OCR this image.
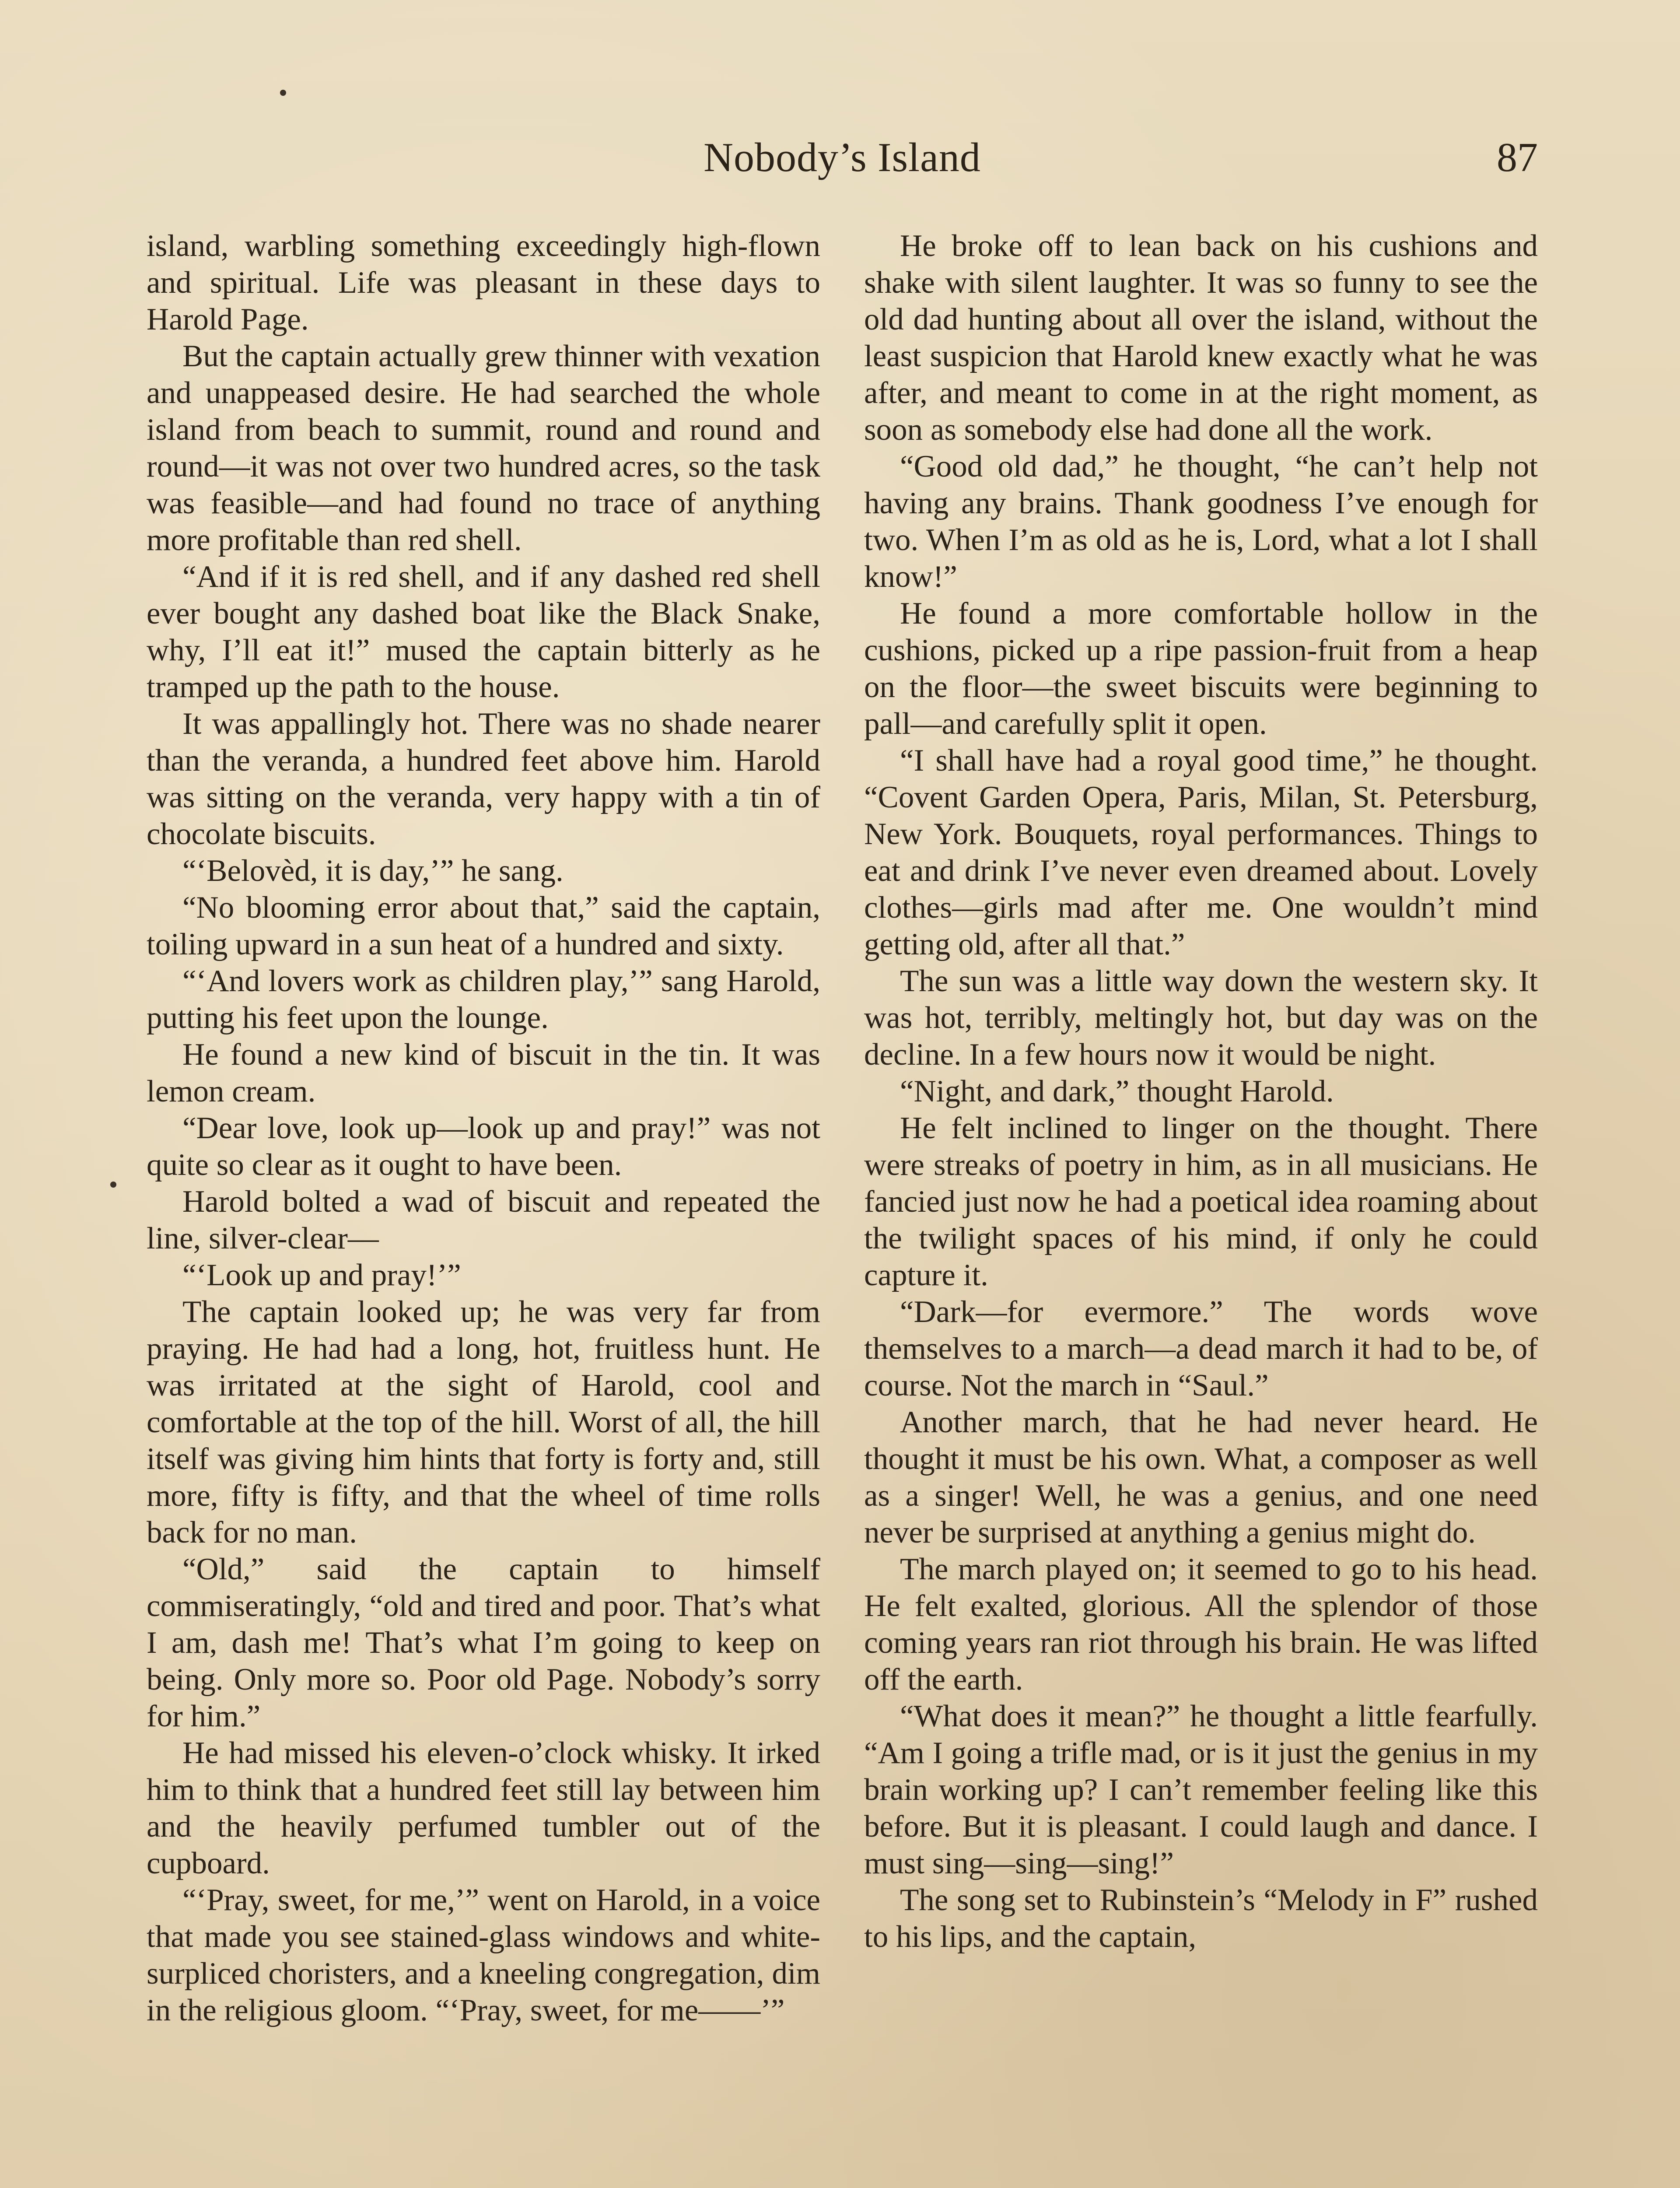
Nobody’s Island	87

island, warbling something exceedingly high-flown and spiritual. Life was pleasant in these days to Harold Page.

But the captain actually grew thinner with vexation and unappeased desire. He had searched the whole island from beach to summit, round and round and round—it was not over two hundred acres, so the task was feasible—and had found no trace of anything more profitable than red shell.

“And if it is red shell, and if any dashed red shell ever bought any dashed boat like the Black Snake, why, I’ll eat it!” mused the captain bitterly as he tramped up the path to the house.

It was appallingly hot. There was no shade nearer than the veranda, a hundred feet above him. Harold was sitting on the veranda, very happy with a tin of chocolate biscuits.

“‘Belovèd, it is day,’” he sang.

“No blooming error about that,” said the captain, toiling upward in a sun heat of a hundred and sixty.

“‘And lovers work as children play,’” sang Harold, putting his feet upon the lounge.

He found a new kind of biscuit in the tin. It was lemon cream.

“Dear love, look up—look up and pray!” was not quite so clear as it ought to have been.

Harold bolted a wad of biscuit and repeated the line, silver-clear—

“‘Look up and pray!’”

The captain looked up; he was very far from praying. He had had a long, hot, fruitless hunt. He was irritated at the sight of Harold, cool and comfortable at the top of the hill. Worst of all, the hill itself was giving him hints that forty is forty and, still more, fifty is fifty, and that the wheel of time rolls back for no man.

“Old,” said the captain to himself commiseratingly, “old and tired and poor. That’s what I am, dash me! That’s what I’m going to keep on being. Only more so. Poor old Page. Nobody’s sorry for him.”

He had missed his eleven-o’clock whisky. It irked him to think that a hundred feet still lay between him and the heavily perfumed tumbler out of the cupboard.

“‘Pray, sweet, for me,’” went on Harold, in a voice that made you see stained-glass windows and white-surpliced choristers, and a kneeling congregation, dim in the religious gloom. “‘Pray, sweet, for me——’”

He broke off to lean back on his cushions and shake with silent laughter. It was so funny to see the old dad hunting about all over the island, without the least suspicion that Harold knew exactly what he was after, and meant to come in at the right moment, as soon as somebody else had done all the work.

“Good old dad,” he thought, “he can’t help not having any brains. Thank goodness I’ve enough for two. When I’m as old as he is, Lord, what a lot I shall know!”

He found a more comfortable hollow in the cushions, picked up a ripe passion-fruit from a heap on the floor—the sweet biscuits were beginning to pall—and carefully split it open.

“I shall have had a royal good time,” he thought. “Covent Garden Opera, Paris, Milan, St. Petersburg, New York. Bouquets, royal performances. Things to eat and drink I’ve never even dreamed about. Lovely clothes—girls mad after me. One wouldn’t mind getting old, after all that.”

The sun was a little way down the western sky. It was hot, terribly, meltingly hot, but day was on the decline. In a few hours now it would be night.

“Night, and dark,” thought Harold.

He felt inclined to linger on the thought. There were streaks of poetry in him, as in all musicians. He fancied just now he had a poetical idea roaming about the twilight spaces of his mind, if only he could capture it.

“Dark—for evermore.” The words wove themselves to a march—a dead march it had to be, of course. Not the march in “Saul.”

Another march, that he had never heard. He thought it must be his own. What, a composer as well as a singer! Well, he was a genius, and one need never be surprised at anything a genius might do.

The march played on; it seemed to go to his head. He felt exalted, glorious. All the splendor of those coming years ran riot through his brain. He was lifted off the earth.

“What does it mean?” he thought a little fearfully. “Am I going a trifle mad, or is it just the genius in my brain working up? I can’t remember feeling like this before. But it is pleasant. I could laugh and dance. I must sing—sing—sing!”

The song set to Rubinstein’s “Melody in F” rushed to his lips, and the captain,
